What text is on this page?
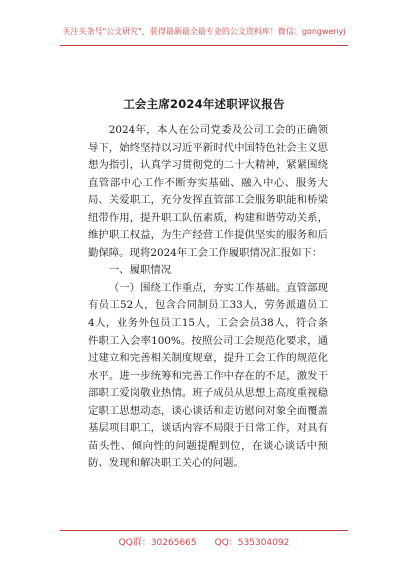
关注头条号"公文研究"，获得最新最全最专业的公文资料库！微信：gongwenyj
工会主席2024年述职评议报告

2024年，本人在公司党委及公司工会的正确领导下，始终坚持以习近平新时代中国特色社会主义思想为指引，认真学习贯彻党的二十大精神，紧紧围绕直管部中心工作不断夯实基础、融入中心、服务大局、关爱职工，充分发挥直管部工会服务职能和桥梁纽带作用，提升职工队伍素质，构建和谐劳动关系，维护职工权益，为生产经营工作提供坚实的服务和后勤保障。现将2024年工会工作履职情况汇报如下：

一、履职情况

（一）围绕工作重点，夯实工作基础。直管部现有员工52人，包含合同制员工33人，劳务派遣员工4人，业务外包员工15人，工会会员38人，符合条件职工入会率100%。按照公司工会规范化要求，通过建立和完善相关制度规章，提升工会工作的规范化水平。进一步统筹和完善工作中存在的不足，激发干部职工爱岗敬业热情。班子成员从思想上高度重视稳定职工思想动态，谈心谈话和走访慰问对象全面覆盖基层项目职工，谈话内容不局限于日常工作，对具有苗头性、倾向性的问题提醒到位，在谈心谈话中预防、发现和解决职工关心的问题。

QQ群：30265665　　QQ：535304092
